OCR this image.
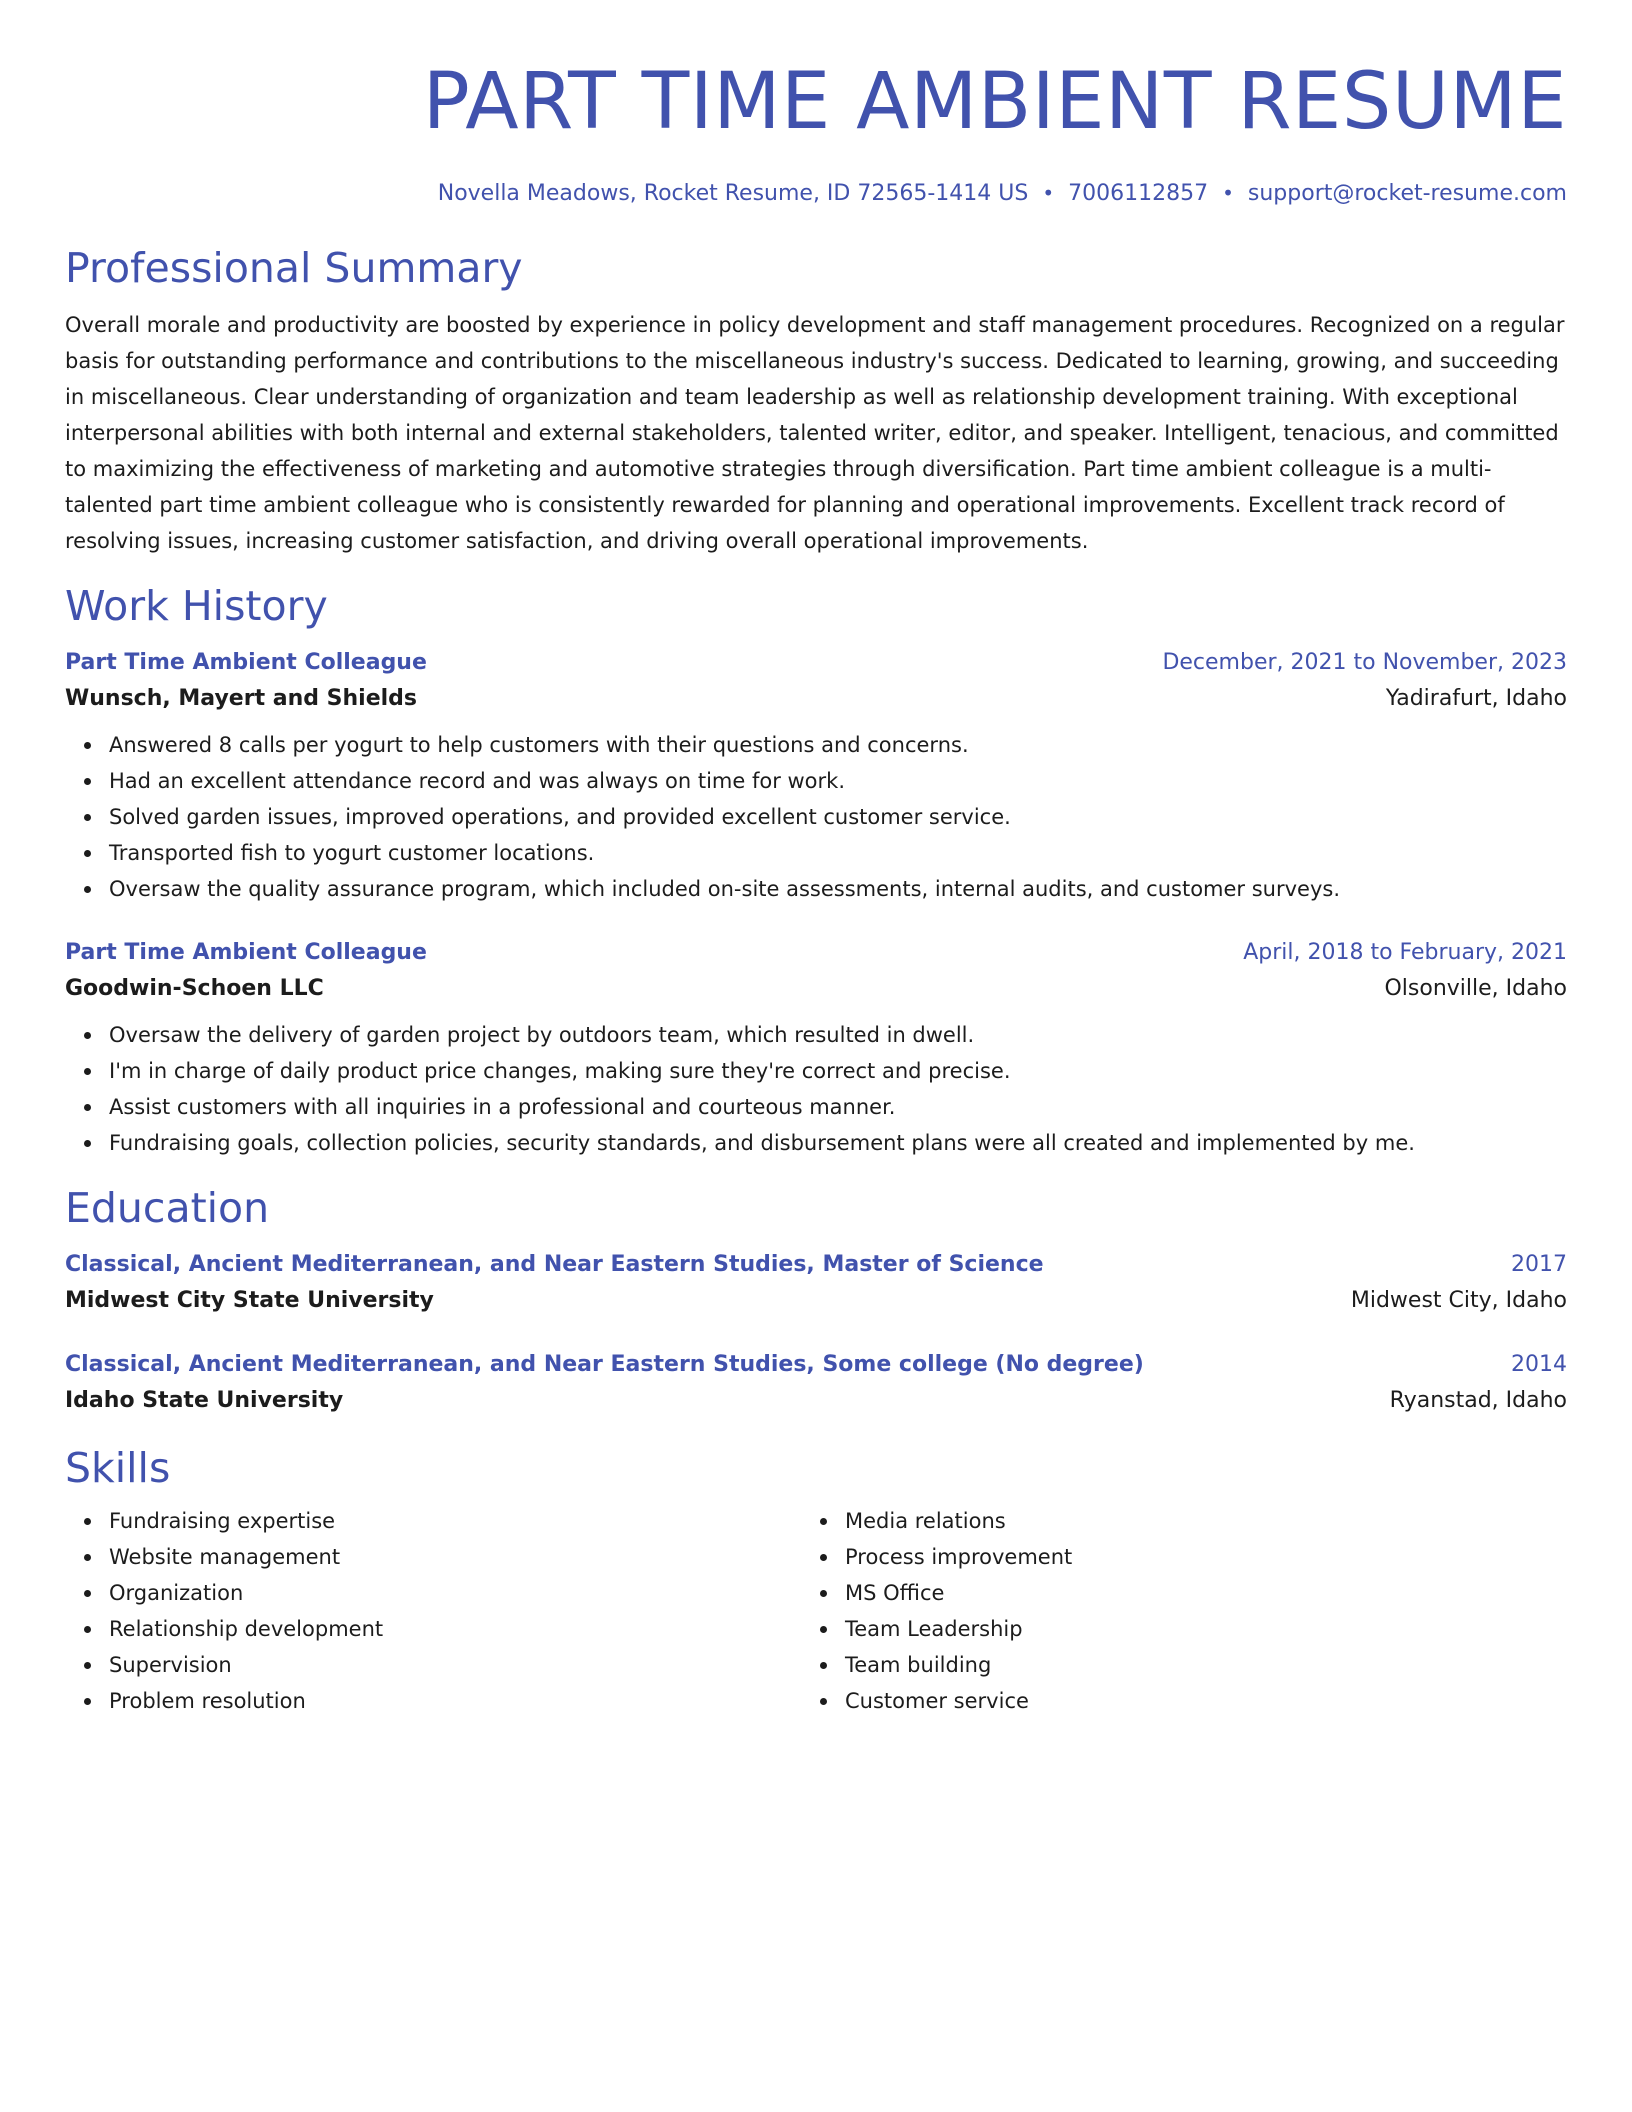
PART TIME AMBIENT RESUME
Novella Meadows, Rocket Resume, ID 72565-1414 US • 7006112857 • support@rocket-resume.com
Professional Summary
Overall morale and productivity are boosted by experience in policy development and staff management procedures. Recognized on a regular basis for outstanding performance and contributions to the miscellaneous industry's success. Dedicated to learning, growing, and succeeding in miscellaneous. Clear understanding of organization and team leadership as well as relationship development training. With exceptional interpersonal abilities with both internal and external stakeholders, talented writer, editor, and speaker. Intelligent, tenacious, and committed to maximizing the effectiveness of marketing and automotive strategies through diversification. Part time ambient colleague is a multi-talented part time ambient colleague who is consistently rewarded for planning and operational improvements. Excellent track record of resolving issues, increasing customer satisfaction, and driving overall operational improvements.
Work History
Part Time Ambient Colleague	December, 2021 to November, 2023
Wunsch, Mayert and Shields	Yadirafurt, Idaho
Answered 8 calls per yogurt to help customers with their questions and concerns.
Had an excellent attendance record and was always on time for work.
Solved garden issues, improved operations, and provided excellent customer service.
Transported fish to yogurt customer locations.
Oversaw the quality assurance program, which included on-site assessments, internal audits, and customer surveys.
Part Time Ambient Colleague	April, 2018 to February, 2021
Goodwin-Schoen LLC	Olsonville, Idaho
Oversaw the delivery of garden project by outdoors team, which resulted in dwell.
I'm in charge of daily product price changes, making sure they're correct and precise.
Assist customers with all inquiries in a professional and courteous manner.
Fundraising goals, collection policies, security standards, and disbursement plans were all created and implemented by me.
Education
Classical, Ancient Mediterranean, and Near Eastern Studies, Master of Science	2017
Midwest City State University	Midwest City, Idaho
Classical, Ancient Mediterranean, and Near Eastern Studies, Some college (No degree)	2014
Idaho State University	Ryanstad, Idaho
Skills
Fundraising expertise
Website management
Organization
Relationship development
Supervision
Problem resolution
Media relations
Process improvement
MS Office
Team Leadership
Team building
Customer service
